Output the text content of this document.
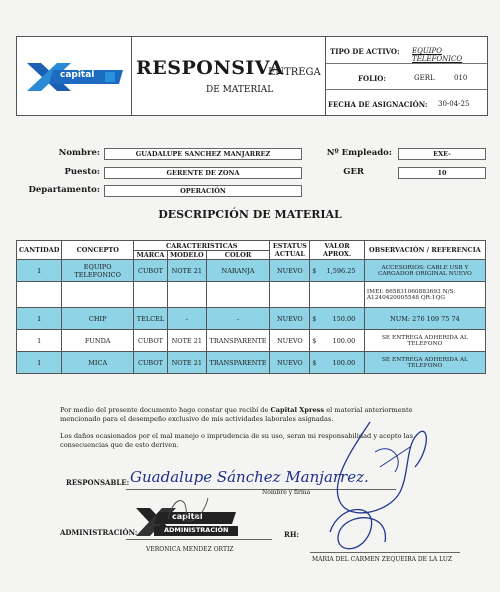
capital RESPONSIVA
ENTREGA
DE MATERIAL
TIPO DE ACTIVO: EQUIPO TELEFONICO
FOLIO:	GERL	010
FECHA DE ASIGNACIÓN: 30-04-25
Nombre:	GUADALUPE SANCHEZ MANJARREZ
Puesto:	GERENTE DE ZONA
Departamento:	OPERACIÓN
Nº Empleado:	EXE-
GER	10
DESCRIPCIÓN DE MATERIAL
CANTIDAD	CONCEPTO	CARACTERISTICAS			ESTATUS ACTUAL	VALOR APROX.	OBSERVACIÓN / REFERENCIA
		MARCA	MODELO	COLOR			
1	EQUIPO TELEFONICO	CUBOT	NOTE 21	NARANJA	NUEVO	$ 1,596.25	ACCESORIOS: CABLE USB Y CARGADOR ORIGINAL NUEVO
							IMEI: 865831060883693 N/S: A1240420005548 QR:1QG
1	CHIP	TELCEL	-	-	NUEVO	$ 150.00	NUM: 276 109 75 74
1	FUNDA	CUBOT	NOTE 21	TRANSPARENTE	NUEVO	$ 100.00	SE ENTREGA ADHERIDA AL TELEFONO
1	MICA	CUBOT	NOTE 21	TRANSPARENTE	NUEVO	$ 100.00	SE ENTREGA ADHERIDA AL TELEFONO
Por medio del presente documento hago constar que recibí de Capital Xpress el material anteriormente mencionado para el desempeño exclusivo de mis actividades laborales asignadas.
Los daños ocasionados por el mal manejo o imprudencia de su uso, seran mi responsabilidad y acepto las consecuencias que de esto deriven.
RESPONSABLE: Guadalupe Sánchez Manjarrez.
Nombre y firma
ADMINISTRACIÓN:
capital
ADMINISTRACIÓN
VERONICA MENDEZ ORTIZ
RH:
MARIA DEL CARMEN ZEQUEIRA DE LA LUZ
